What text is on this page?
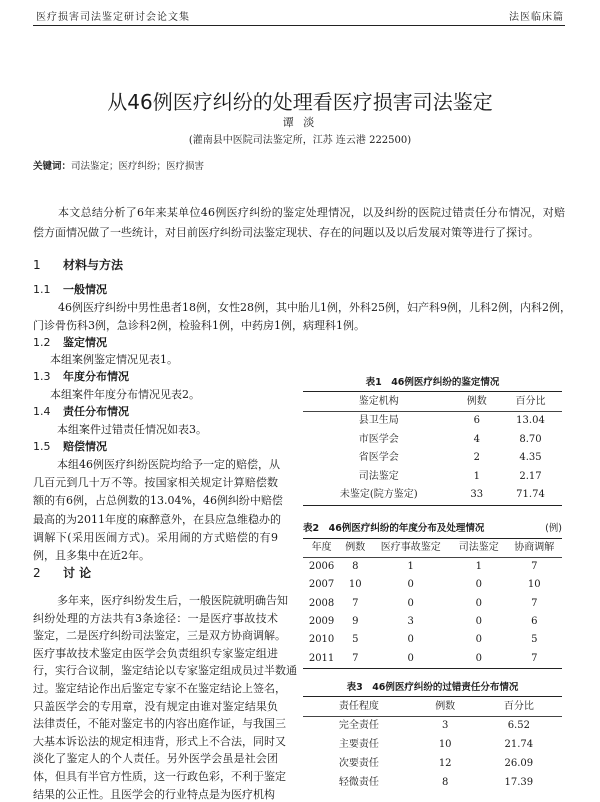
医疗损害司法鉴定研讨会论文集	法医临床篇
从46例医疗纠纷的处理看医疗损害司法鉴定
谭 淡
(灌南县中医院司法鉴定所，江苏 连云港 222500)
关键词：司法鉴定；医疗纠纷；医疗损害
本文总结分析了6年来某单位46例医疗纠纷的鉴定处理情况，以及纠纷的医院过错责任分布情况，对赔
偿方面情况做了一些统计，对目前医疗纠纷司法鉴定现状、存在的问题以及以后发展对策等进行了探讨。
1 材料与方法
1.1 一般情况
46例医疗纠纷中男性患者18例，女性28例，其中胎儿1例，外科25例，妇产科9例，儿科2例，内科2例，
门诊骨伤科3例，急诊科2例，检验科1例，中药房1例，病理科1例。
1.2 鉴定情况
本组案例鉴定情况见表1。
1.3 年度分布情况
本组案件年度分布情况见表2。
1.4 责任分布情况
本组案件过错责任情况如表3。
1.5 赔偿情况
本组46例医疗纠纷医院均给予一定的赔偿，从
几百元到几十万不等。按国家相关规定计算赔偿数
额的有6例，占总例数的13.04%，46例纠纷中赔偿
最高的为2011年度的麻醉意外，在县应急维稳办的
调解下(采用医闹方式)。采用闹的方式赔偿的有9
例，且多集中在近2年。
2 讨 论
多年来，医疗纠纷发生后，一般医院就明确告知
纠纷处理的方法共有3条途径：一是医疗事故技术
鉴定，二是医疗纠纷司法鉴定，三是双方协商调解。
医疗事故技术鉴定由医学会负责组织专家鉴定组进
行，实行合议制，鉴定结论以专家鉴定组成员过半数通
过。鉴定结论作出后鉴定专家不在鉴定结论上签名，
只盖医学会的专用章，没有规定由谁对鉴定结果负
法律责任，不能对鉴定书的内容出庭作证，与我国三
大基本诉讼法的规定相违背，形式上不合法，同时又
淡化了鉴定人的个人责任。另外医学会虽是社会团
体，但具有半官方性质，这一行政色彩，不利于鉴定
结果的公正性。且医学会的行业特点是为医疗机构
表1　46例医疗纠纷的鉴定情况
鉴定机构	例数	百分比
县卫生局	6	13.04
市医学会	4	8.70
省医学会	2	4.35
司法鉴定	1	2.17
未鉴定(院方鉴定)	33	71.74
表2　46例医疗纠纷的年度分布及处理情况	(例)
年度	例数	医疗事故鉴定	司法鉴定	协商调解
2006	8	1	1	7
2007	10	0	0	10
2008	7	0	0	7
2009	9	3	0	6
2010	5	0	0	5
2011	7	0	0	7
表3　46例医疗纠纷的过错责任分布情况
责任程度	例数	百分比
完全责任	3	6.52
主要责任	10	21.74
次要责任	12	26.09
轻微责任	8	17.39
